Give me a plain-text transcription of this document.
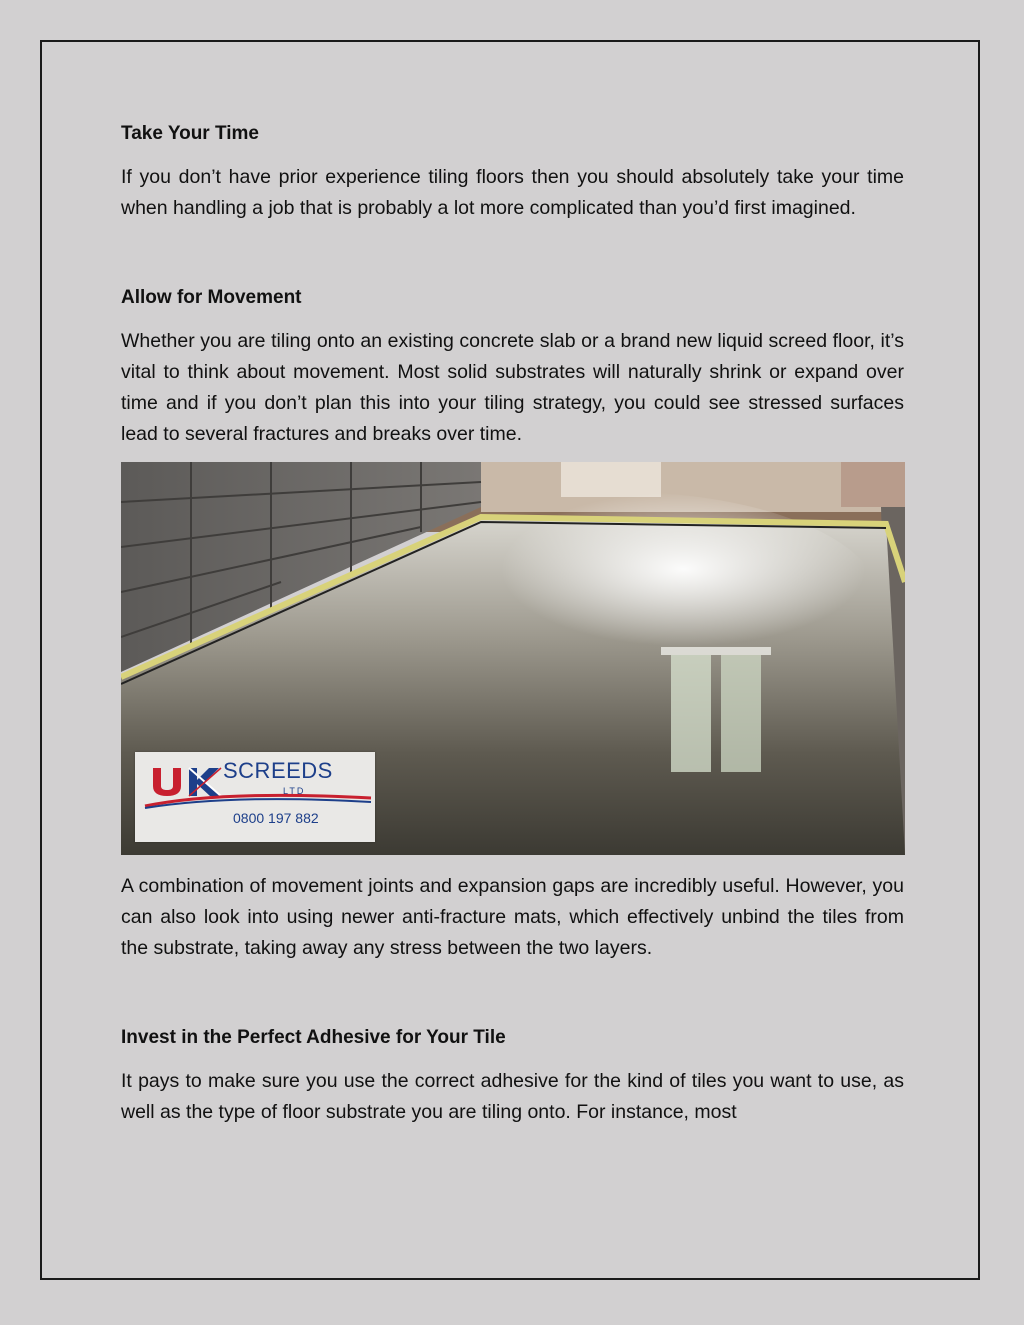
Take Your Time

If you don’t have prior experience tiling floors then you should absolutely take your time when handling a job that is probably a lot more complicated than you’d first imagined.

Allow for Movement

Whether you are tiling onto an existing concrete slab or a brand new liquid screed floor, it’s vital to think about movement. Most solid substrates will naturally shrink or expand over time and if you don’t plan this into your tiling strategy, you could see stressed surfaces lead to several fractures and breaks over time.

SCREEDS
LTD
0800 197 882

A combination of movement joints and expansion gaps are incredibly useful. However, you can also look into using newer anti-fracture mats, which effectively unbind the tiles from the substrate, taking away any stress between the two layers.

Invest in the Perfect Adhesive for Your Tile

It pays to make sure you use the correct adhesive for the kind of tiles you want to use, as well as the type of floor substrate you are tiling onto. For instance, most
